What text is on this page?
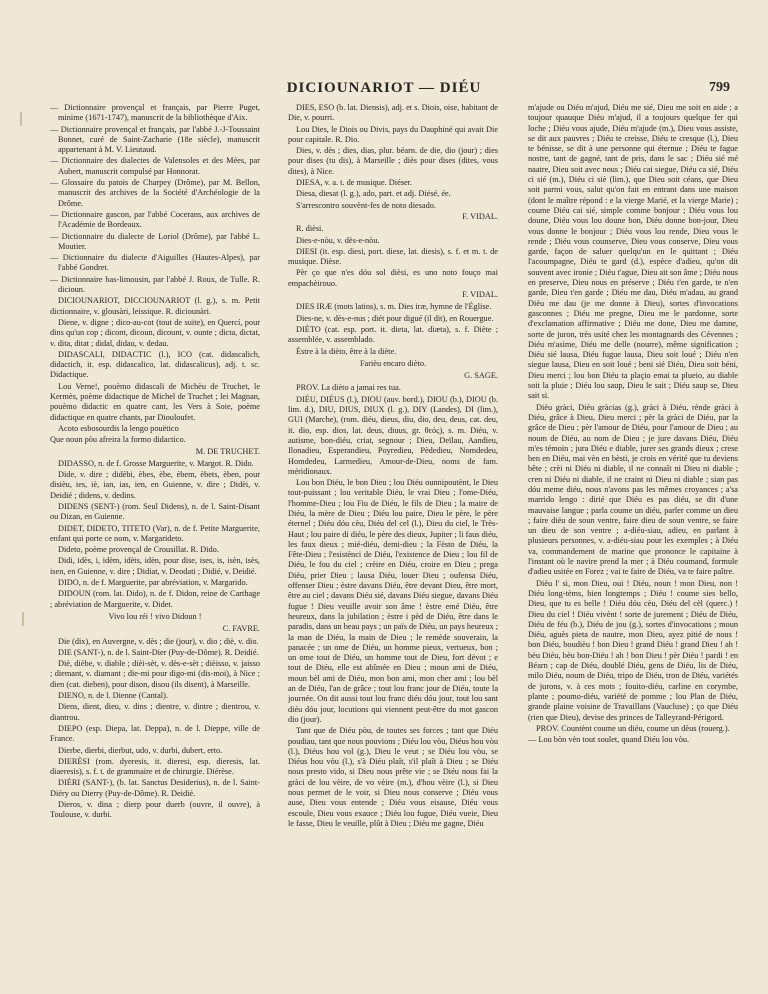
DICIOUNARIOT — DIÉU	799

— Dictionnaire provençal et français, par Pierre Puget, minime (1671-1747), manuscrit de la bibliothèque d'Aix.

— Dictionnaire provençal et français, par l'abbé J.-J-Toussaint Bonnet, curé de Saint-Zacharie (18e siècle), manuscrit appartenant à M. V. Lieutaud.

— Dictionnaire des dialectes de Valensoles et des Mées, par Aubert, manuscrit compulsé par Honnorat.

— Glossaire du patois de Charpey (Drôme), par M. Bellon, manuscrit des archives de la Société d'Archéologie de la Drôme.

— Dictionnaire gascon, par l'abbé Cocerans, aux archives de l'Académie de Bordeaux.

— Dictionnaire du dialecte de Loriol (Drôme), par l'abbé L. Moutier.

— Dictionnaire du dialecte d'Aiguilles (Hautes-Alpes), par l'abbé Gondret.

— Dictionnaire bas-limousin, par l'abbé J. Roux, de Tulle. R. dicioun.

DICIOUNARIOT, DICCIOUNARIOT (l. g.), s. m. Petit dictionnaire, v. glousàri, leissique. R. diciounàri.

Diene, v. digne ; dico-au-cot (tout de suite), en Quercí, pour dins qu'un cop ; dicont, dicoun, dicount, v. ounte ; dicta, dictat, v. dita, ditat ; didal, didau, v. dedau.

DIDASCALI, DIDACTIC (l.), ICO (cat. didascalich, didactich, it. esp. didascalico, lat. didascalicus), adj. t. sc. Didactique.

Lou Verne!, pouèmo didascali de Michèu de Truchet, le Kermès, poème didactique de Michel de Truchet ; lei Magnan, pouèmo didactic en quatre cant, les Vers à Soie, poème didactique en quatre chants, par Diouloufet.

Acoto esbosourdis la lengo pouëtico

Que noun pòu afreira la formo didactico.

M. DE TRUCHET.

DIDASSO, n. de f. Grosse Marguerite, v. Margot. R. Dido.

Dide, v. dire ; didèbi, èbes, èbe, èbem, èbets, èben, pour disièu, ies, iè, ian, ias, ien, en Guienne, v. dire ; Didèi, v. Deidié ; didens, v. dedins.

DIDENS (SENT-) (rom. Seul Didens), n. de l. Saint-Disant ou Dizan, en Guienne.

DIDET, DIDETO, TITETO (Var), n. de f. Petite Marguerite, enfant qui porte ce nom, v. Margarideto.

Dideto, poème provençal de Crousillat. R. Dido.

Didi, idès, i, idèm, idèts, idèn, pour dise, ises, is, isèn, isès, isen, en Guienne, v. dire ; Didiat, v. Deodati ; Didié, v. Deidié.

DIDO, n. de f. Marguerite, par abréviation, v. Margarido.

DIDOUN (rom. lat. Dido), n. de f. Didon, reine de Carthage ; abréviation de Marguerite, v. Didet.

Vivo lou réi ! vivo Didoun !

C. FAVRE.

Die (dix), en Auvergne, v. dès ; die (jour), v. dio ; diè, v. dio.

DIE (SANT-), n. de l. Saint-Dier (Puy-de-Dôme). R. Deidié.

Diè, dièbe, v. diable ; dièi-sèt, v. dès-e-sèt ; dièisso, v. jaisso ; diemant, v. diamant ; die-mi pour digo-mi (dis-moi), à Nice ; dien (cat. dieben), pour dison, disou (ils disent), à Marseille.

DIENO, n. de l. Dienne (Cantal).

Diens, dient, dieu, v. dins ; dientre, v. dintre ; dientrou, v. diantrou.

DIEPO (esp. Diepa, lat. Deppa), n. de l. Dieppe, ville de France.

Dierbe, dierbi, dierbut, udo, v. durbi, dubert, erto.

DIERÈSI (rom. dyeresis, it. dieresi, esp. dieresis, lat. diaeresis), s. f. t. de grammaire et de chirurgie. Diérèse.

DIÉRI (SANT-), (b. lat. Sanctus Desiderius), n. de l. Saint-Diéry ou Dierry (Puy-de-Dôme). R. Deidié.

Dieros, v. dina ; dierp pour duerb (ouvre, il ouvre), à Toulouse, v. durbi.

DIES, ESO (b. lat. Diensis), adj. et s. Diois, oise, habitant de Die, v. pourri.

Lou Dies, le Diois ou Divis, pays du Dauphiné qui avait Die pour capitale. R. Dio.

Dies, v. dès ; dies, dias, plur. béarn. de die, dio (jour) ; dies pour dises (tu dis), à Marseille ; diès pour dises (dites, vous dites), à Nice.

DIESA, v. a. t. de musique. Diéser.

Diesa, diesat (l. g.), ado, part. et adj. Diésé, ée.

S'arrescontro souvènt-fes de noto diesado.

F. VIDAL.

R. dièsi.

Dies-e-nòu, v. dès-e-nòu.

DIESI (it. esp. diesi, port. diese, lat. diesis), s. f. et m. t. de musique. Dièse.

Pèr ço que n'es dóu sol dièsi, es uno noto fouço mai empachèirouo.

F. VIDAL.

DIES IRÆ (mots latins), s. m. Dies iræ, hymne de l'Église.

Dies-ne, v. dès-e-nus ; diét pour digué (il dit), en Rouergue.

DIÈTO (cat. esp. port. it. dieta, lat. diæta), s. f. Diète ; assemblée, v. assemblado.

Èstre à la dièto, être à la diète.

Farièu encaro dièto.

G. SAGE.

PROV. La dièto a jamai res tua.

DIÉU, DIÉUS (l.), DIOU (auv. bord.), DIOU (b.), DIOU (b. lim. d.), DIU, DIUS, DIUX (l. g.), DIY (Landes), DI (lim.), GUI (Marche), (rom. diéu, dieus, diu, dio, deu, deus, cat. deu, it. dio, esp. dios, lat. deus, diuus, gr. θεός), s. m. Diéu, v. autisme, bon-diéu, criat, segnour ; Dieu, Deïlau, Aandieu, Ilonadieu, Esperandieu, Poyredieu, Pèdedieu, Nomdedeu, Homdedeu, Larmedieu, Amour-de-Dieu, noms de fam. méridionaux.

Lou bon Diéu, le bon Dieu ; lou Diéu ounnipoutènt, le Dieu tout-puissant ; lou veritable Diéu, le vrai Dieu ; l'ome-Diéu, l'homme-Dieu ; lou Fiu de Diéu, le fils de Dieu ; la maire de Diéu, la mère de Dieu ; Diéu lou paire, Dieu le père, le père éternel ; Diéu dóu cèu, Diéu del cel (l.), Dieu du ciel, le Très-Haut ; lou paire di diéu, le père des dieux, Jupiter ; li faus diéu, les faux dieux ; mié-diéu, demi-dieu ; la Fèsto de Diéu, la Fête-Dieu ; l'esistènci de Diéu, l'existence de Dieu ; lou fil de Diéu, le fou du ciel ; crèire en Diéu, croire en Dieu ; prega Diéu, prier Dieu ; lausa Diéu, louer Dieu ; oufensa Diéu, offenser Dieu ; èstre davans Diéu, être devant Dieu, être mort, être au ciel ; davans Diéu sié, davans Diéu siegue, davans Diéu fugue ! Dieu veuille avoir son âme ! èstre emé Diéu, être heureux, dans la jubilation ; èstre i pèd de Diéu, être dans le paradis, dans un beau pays ; un païs de Diéu, un pays heureux ; la man de Diéu, la main de Dieu ; le remède souverain, la panacée ; un ome de Diéu, un homme pieux, vertueux, bon ; un ome tout de Diéu, un homme tout de Dieu, fort dévot ; e tout de Diéu, elle est abîmée en Dieu ; moun ami de Diéu, moun bèl ami de Diéu, mon bon ami, mon cher ami ; lou bèl an de Diéu, l'an de grâce ; tout lou franc jour de Diéu, toute la journée. On dit aussi tout lou franc diéu dóu jour, tout lou sant diéu dóu jour, locutions qui viennent peut-être du mot gascon dio (jour).

Tant que de Diéu pòu, de toutes ses forces ; tant que Diéu poudiau, tant que nous pouvions ; Diéu lou vòu, Diéus hou vòu (l.), Diéus hou vol (g.), Dieu le veut ; se Diéu lou vòu, se Diéus hou vòu (l.), s'à Diéu plaît, s'il plaît à Dieu ; se Diéu nous presto vido, si Dieu nous prête vie ; se Diéu nous fai la gràci de lou vèire, de vo vèire (m.), d'hou vèire (l.), si Dieu nous permet de le voir, si Dieu nous conserve ; Diéu vous ause, Dieu vous entende ; Diéu vous eisause, Diéu vous escoule, Dieu vous exauce ; Diéu lou fugue, Diéu vueie, Dieu le fasse, Dieu le veuille, plût à Dieu ; Diéu me gagne, Diéu

m'ajude ou Diéu m'ajud, Diéu me sié, Dieu me soit en aide ; a toujour quauque Diéu m'ajud, il a toujours quelque fer qui loche ; Diéu vous ajude, Diéu m'ajude (m.), Dieu vous assiste, se dit aux pauvres ; Diéu te creisse, Diéu te cresque (l.), Dieu te bénisse, se dit à une personne qui éternue ; Diéu te fague nostre, tant de gagné, tant de pris, dans le sac ; Diéu sié mé naatre, Dieu soit avec nous ; Diéu cai siegue, Diéu ca sié, Diéu ci sié (m.), Diéu ci siè (lim.), que Dieu soit céans, que Dieu soit parmi vous, salut qu'on fait en entrant dans une maison (dont le maître répond : e la vierge Marié, et la vierge Marie) ; coume Diéu cai sié, simple comme bonjour ; Diéu vous lou doune, Diéu vous lou doune bon, Diéu donne bon-jour, Dieu vous donne le bonjour ; Diéu vous lou rende, Dieu vous le rende ; Diéu vous counserve, Dieu vous conserve, Dieu vous garde, façon de saluer quelqu'un en le quittant ; Diéu l'acoumpagne, Diéu te gard (d.), espèce d'adieu, qu'on dit souvent avec ironie ; Diéu t'ague, Dieu ait son âme ; Diéu nous en preserve, Dieu nous en préserve ; Diéu t'en garde, te n'en garde, Dieu t'en garde ; Diéu me dau, Diéu m'adau, au grand Diéu me dau (je me donne à Dieu), sortes d'invocations gasconnes ; Diéu me pregne, Dieu me le pardonne, sorte d'exclamation affirmative ; Diéu me done, Dieu me damne, sorte de juron, très usité chez les montagnards des Cévennes ; Diéu m'asime, Diéu me delle (nourre), même signification ; Diéu sié lausa, Diéu fugue lausa, Dieu soit loué ; Diéu n'en siegue lausa, Dieu en soit loué ; beni sié Diéu, Dieu soit béni, Dieu merci ; lou bon Diéu ta plaçio emai ta plueio, au diable soit la pluie ; Diéu lou saup, Dieu le sait ; Diéu saup se, Dieu sait si.

Diéu gràci, Diéu gràcias (g.), gràci à Diéu, rènde gràci à Diéu, grâce à Dieu, Dieu merci ; pèr la gràci de Diéu, par la grâce de Dieu ; pèr l'amour de Diéu, pour l'amour de Dieu ; au noum de Diéu, au nom de Dieu ; je jure davans Diéu, Diéu m'es témoin ; jura Diéu e diable, jurer ses grands dieux ; crese ben en Diéu, mai vèn en bèsti, je crois en vérité que tu deviens bête ; crèi ni Diéu ni diable, il ne connaît ni Dieu ni diable ; cren ni Diéu ni diable, il ne craint ni Dieu ni diable ; sian pas dóu meme diéu, nous n'avons pas les mêmes croyances ; a'sa marrido lengo : dirié que Diéu es pas diéu, se dit d'une mauvaise langue ; parla coume un diéu, parler comme un dieu ; faire diéu de soun ventre, faire dieu de soun ventre, se faire un dieu de son ventre ; a-diéu-siau, adieu, en parlant à plusieurs personnes, v. a-diéu-siau pour les exemples ; à Diéu va, commandement de marine que prononce le capitaine à l'instant où le navire prend la mer ; à Diéu coumand, formule d'adieu usitée en Forez ; vai te faire de Diéu, va te faire paître.

Diéu l' si, mon Dieu, oui ! Diéu, noun ! mon Dieu, non ! Diéu long-tèms, bien longtemps ; Diéu ! coume sies bello, Dieu, que tu es belle ! Diéu dóu cèu, Diéu del cèl (querc.) ! Dieu du ciel ! Diéu vivènt ! sorte de jurement ; Diéu de Diéu, Diéu de féu (b.), Diéu de jou (g.), sortes d'invocations ; moun Diéu, aguès pieta de nautre, mon Dieu, ayez pitié de nous ! bon Diéu, boudièu ! bon Dieu ! grand Diéu ! grand Dieu ! ah ! bèu Diéu, bèu bon-Diéu ! ah ! bon Dieu ! pèr Diéu ! pardi ! en Béarn ; cap de Diéu, doublé Diéu, gens de Diéu, lis de Diéu, milo Diéu, noum de Diéu, tripo de Diéu, tron de Diéu, variétés de jurons, v. à ces mots ; fouito-diéu, carline en corymbe, plante ; poumo-diéu, variété de pomme ; lou Plan de Diéu, grande plaine voisine de Travaillans (Vaucluse) ; ço que Diéu (rien que Dieu), devise des princes de Talleyrand-Périgord.

PROV. Countènt coume un diéu, coume un dèus (rouerg.).

— Lou bòn vèn tout soulet, quand Diéu lou vòu.
